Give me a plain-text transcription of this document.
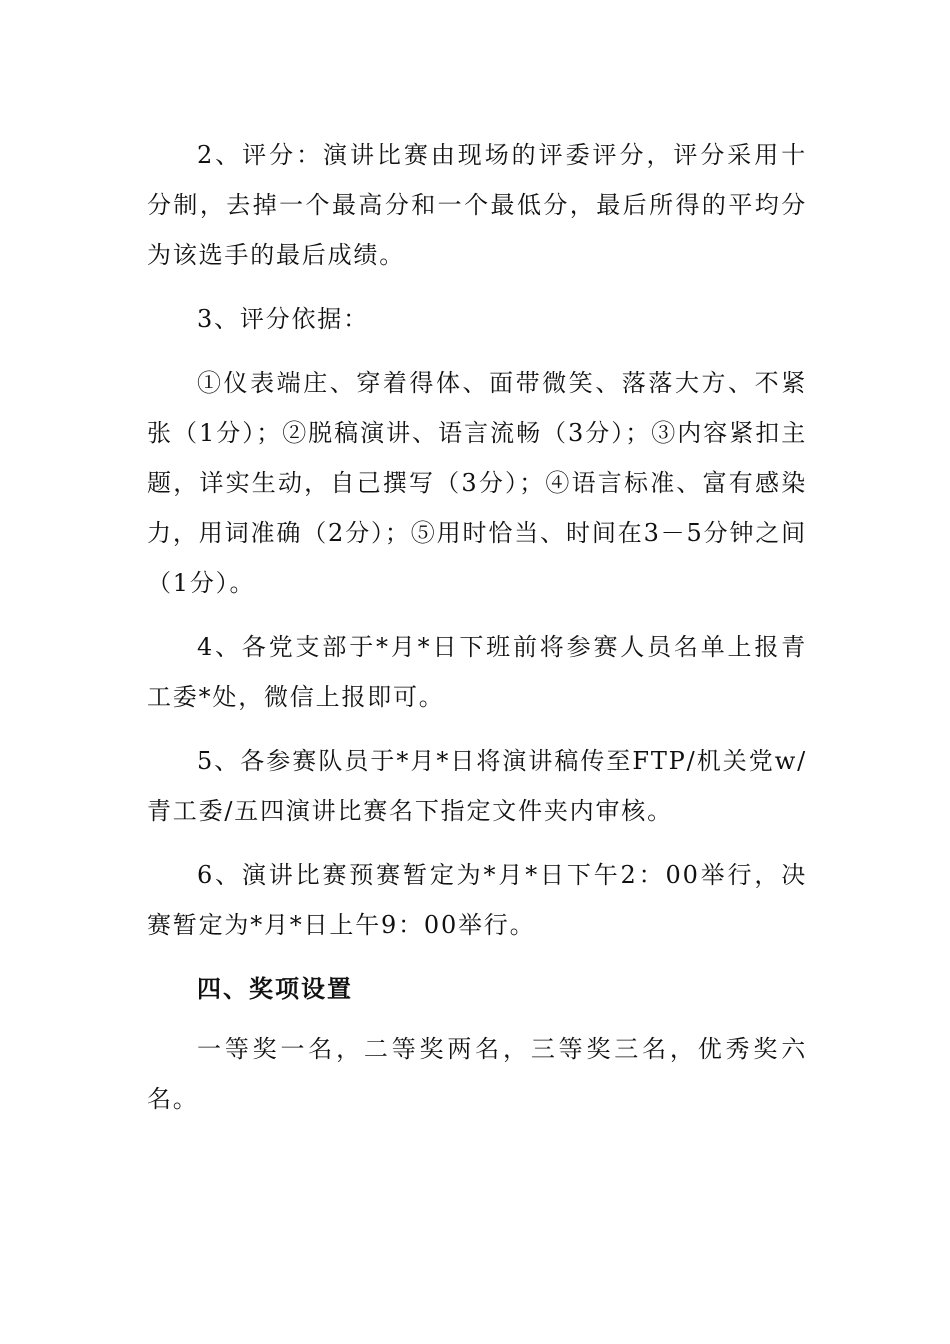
2、评分：演讲比赛由现场的评委评分，评分采用十分制，去掉一个最高分和一个最低分，最后所得的平均分为该选手的最后成绩。

3、评分依据：

①仪表端庄、穿着得体、面带微笑、落落大方、不紧张（1分）；②脱稿演讲、语言流畅（3分）；③内容紧扣主题，详实生动，自己撰写（3分）；④语言标准、富有感染力，用词准确（2分）；⑤用时恰当、时间在3－5分钟之间（1分）。

4、各党支部于*月*日下班前将参赛人员名单上报青工委*处，微信上报即可。

5、各参赛队员于*月*日将演讲稿传至FTP/机关党w/青工委/五四演讲比赛名下指定文件夹内审核。

6、演讲比赛预赛暂定为*月*日下午2：00举行，决赛暂定为*月*日上午9：00举行。

四、奖项设置

一等奖一名，二等奖两名，三等奖三名，优秀奖六名。
